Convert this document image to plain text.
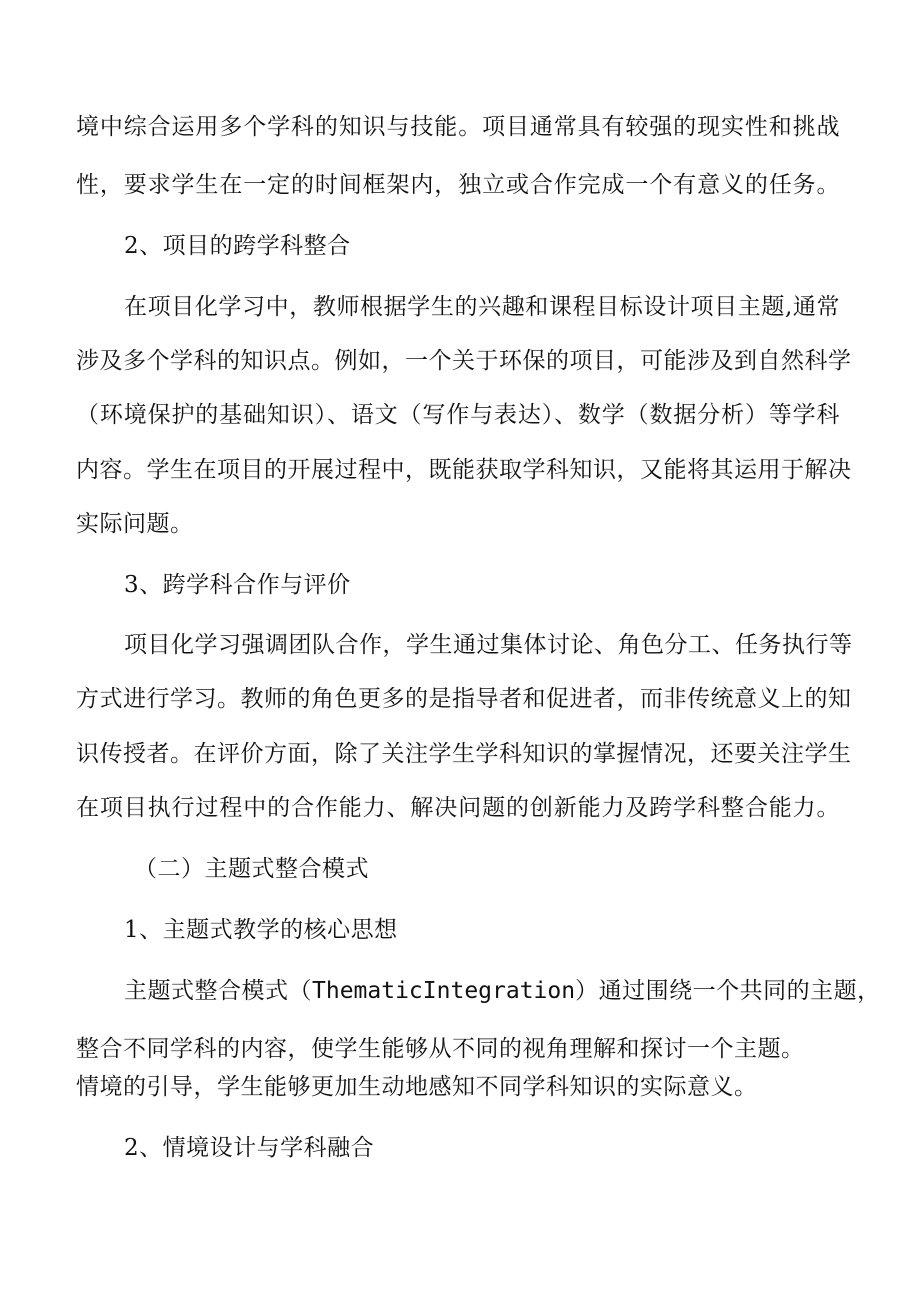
境中综合运用多个学科的知识与技能。项目通常具有较强的现实性和挑战
性，要求学生在一定的时间框架内，独立或合作完成一个有意义的任务。
2、项目的跨学科整合
在项目化学习中，教师根据学生的兴趣和课程目标设计项目主题,通常
涉及多个学科的知识点。例如，一个关于环保的项目，可能涉及到自然科学
（环境保护的基础知识）、语文（写作与表达）、数学（数据分析）等学科
内容。学生在项目的开展过程中，既能获取学科知识，又能将其运用于解决
实际问题。
3、跨学科合作与评价
项目化学习强调团队合作，学生通过集体讨论、角色分工、任务执行等
方式进行学习。教师的角色更多的是指导者和促进者，而非传统意义上的知
识传授者。在评价方面，除了关注学生学科知识的掌握情况，还要关注学生
在项目执行过程中的合作能力、解决问题的创新能力及跨学科整合能力。
（二）主题式整合模式
1、主题式教学的核心思想
主题式整合模式（ThematicIntegration）通过围绕一个共同的主题，
整合不同学科的内容，使学生能够从不同的视角理解和探讨一个主题。
情境的引导，学生能够更加生动地感知不同学科知识的实际意义。
2、情境设计与学科融合
